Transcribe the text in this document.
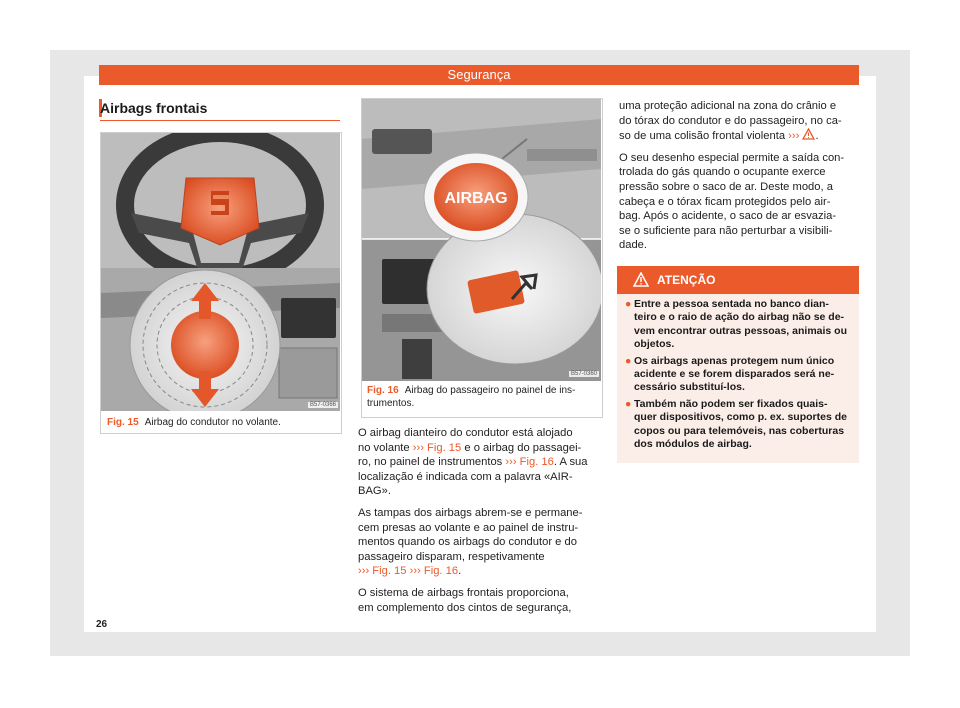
Segurança
Airbags frontais
B57-0366
Fig. 15 Airbag do condutor no volante.
AIRBAG
B57-0360
Fig. 16 Airbag do passageiro no painel de ins-
trumentos.

O airbag dianteiro do condutor está alojado
no volante ››› Fig. 15 e o airbag do passagei-
ro, no painel de instrumentos ››› Fig. 16. A sua
localização é indicada com a palavra «AIR-
BAG».

As tampas dos airbags abrem-se e permane-
cem presas ao volante e ao painel de instru-
mentos quando os airbags do condutor e do
passageiro disparam, respetivamente
››› Fig. 15 ››› Fig. 16.

O sistema de airbags frontais proporciona,
em complemento dos cintos de segurança,

uma proteção adicional na zona do crânio e
do tórax do condutor e do passageiro, no ca-
so de uma colisão frontal violenta ››› .

O seu desenho especial permite a saída con-
trolada do gás quando o ocupante exerce
pressão sobre o saco de ar. Deste modo, a
cabeça e o tórax ficam protegidos pelo air-
bag. Após o acidente, o saco de ar esvazia-
se o suficiente para não perturbar a visibili-
dade.

ATENÇÃO
● Entre a pessoa sentada no banco dian-
teiro e o raio de ação do airbag não se de-
vem encontrar outras pessoas, animais ou
objetos.
● Os airbags apenas protegem num único
acidente e se forem disparados será ne-
cessário substituí-los.
● Também não podem ser fixados quais-
quer dispositivos, como p. ex. suportes de
copos ou para telemóveis, nas coberturas
dos módulos de airbag.
26
